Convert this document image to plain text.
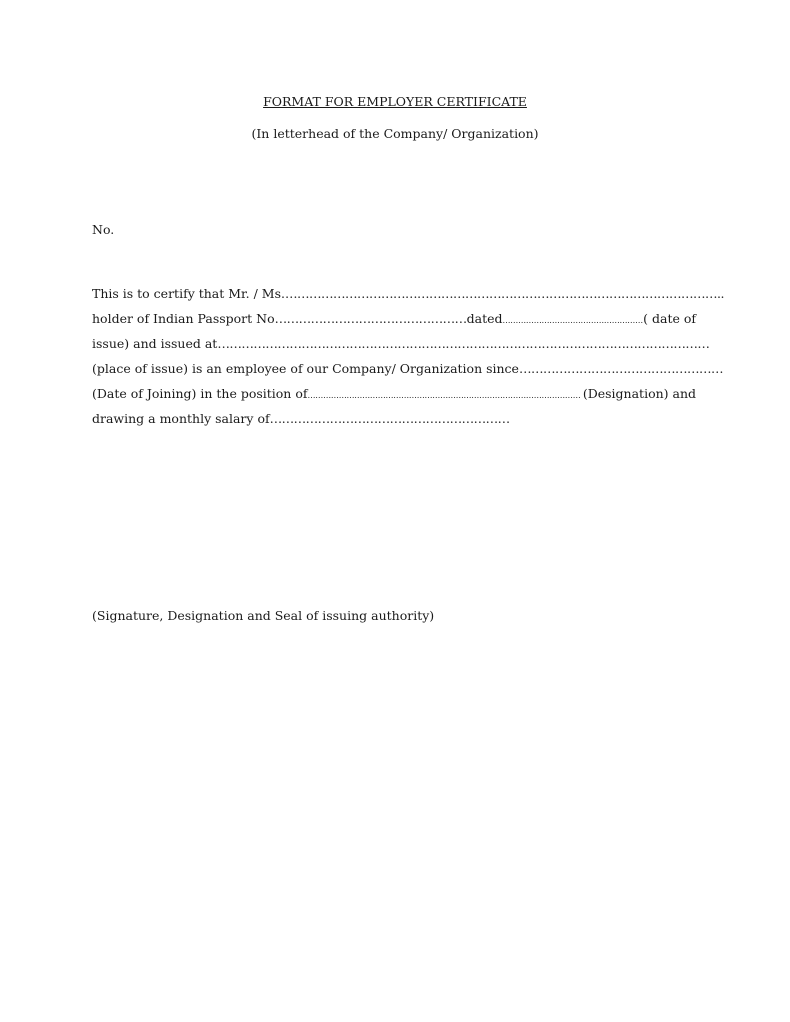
FORMAT FOR EMPLOYER CERTIFICATE
(In letterhead of the Company/ Organization)
No.
This is to certify that Mr. / Ms.………………………………………………………………………………………………..
holder of Indian Passport No…………………………………………dated……………………………………………… ( date of
issue) and issued at……………………………………………………………………………………………………………
(place of issue) is an employee of our Company/ Organization since……………………………………………
(Date of Joining) in the position of…………………………………………………………………………………………… (Designation) and
drawing a monthly salary of……………………………………………………
(Signature, Designation and Seal of issuing authority)
